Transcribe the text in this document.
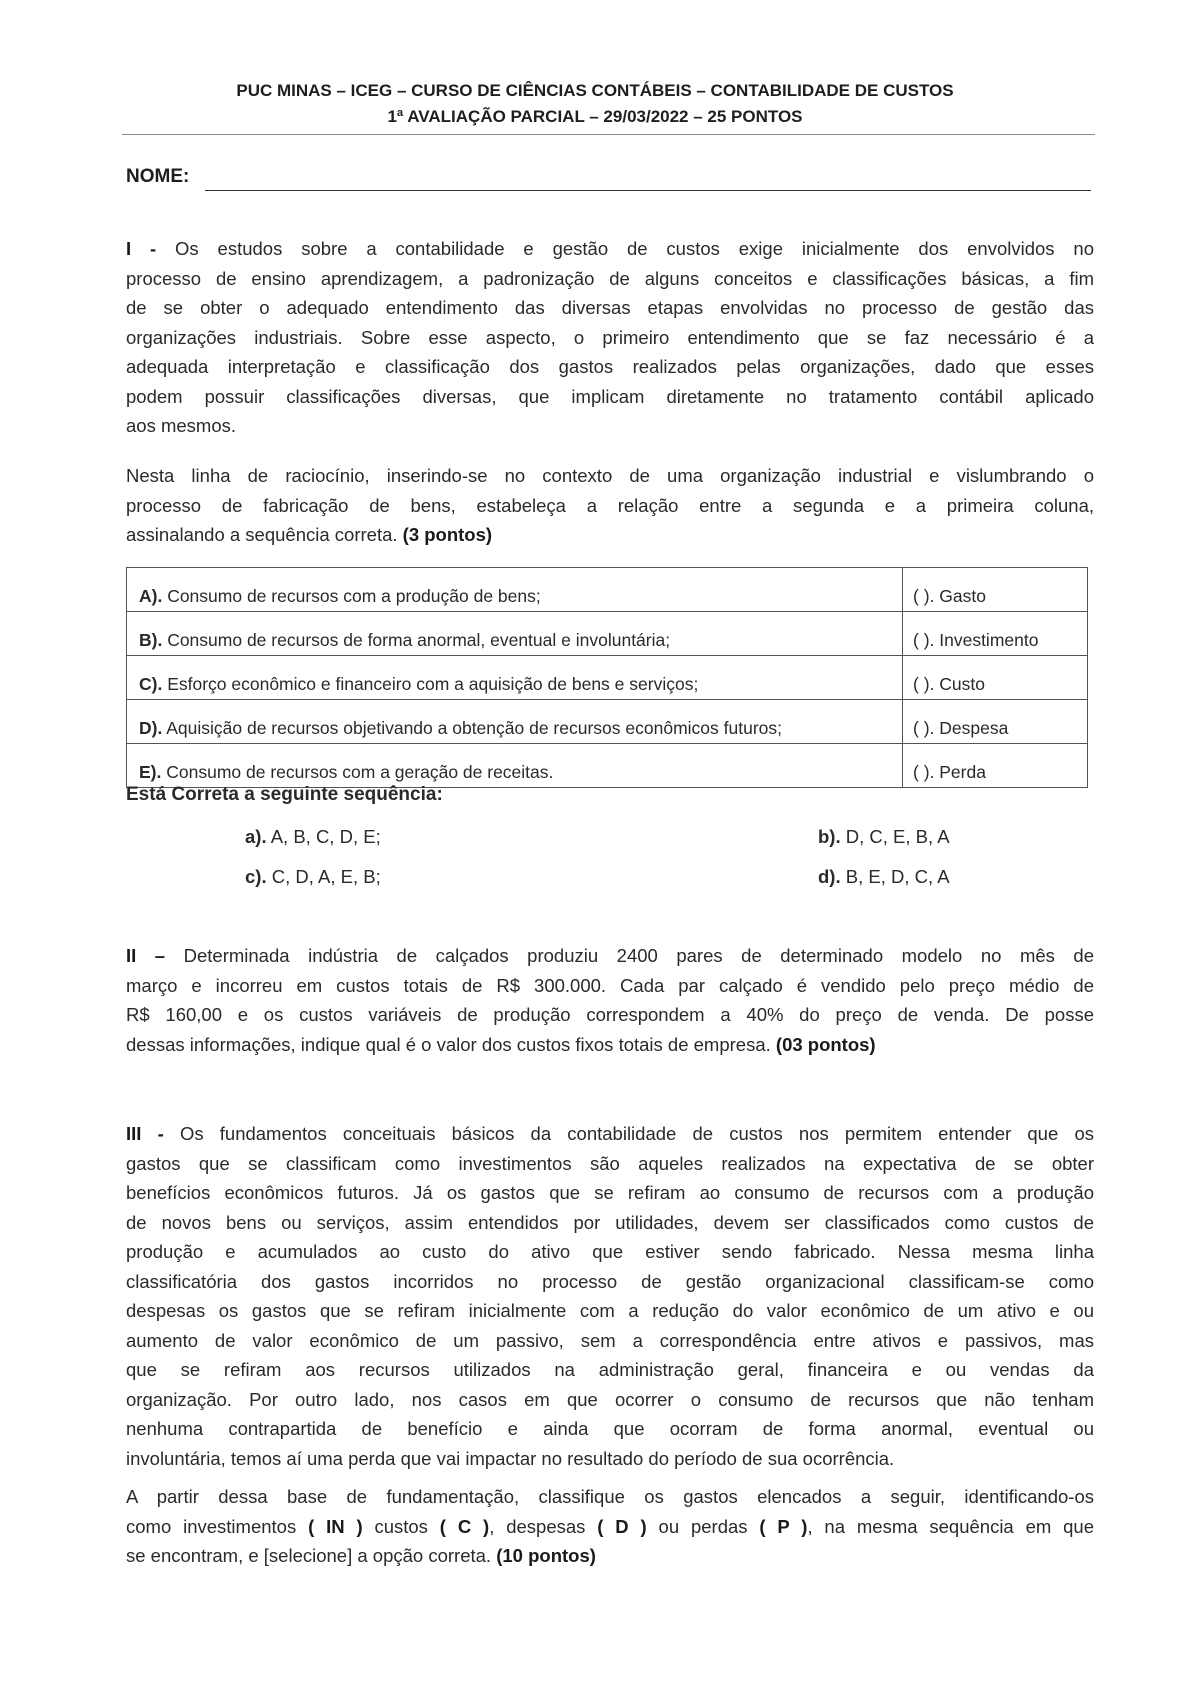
PUC MINAS – ICEG – CURSO DE CIÊNCIAS CONTÁBEIS – CONTABILIDADE DE CUSTOS
1ª AVALIAÇÃO PARCIAL – 29/03/2022 – 25 PONTOS
NOME:
I - Os estudos sobre a contabilidade e gestão de custos exige inicialmente dos envolvidos no
processo de ensino aprendizagem, a padronização de alguns conceitos e classificações básicas, a fim
de se obter o adequado entendimento das diversas etapas envolvidas no processo de gestão das
organizações industriais. Sobre esse aspecto, o primeiro entendimento que se faz necessário é a
adequada interpretação e classificação dos gastos realizados pelas organizações, dado que esses
podem possuir classificações diversas, que implicam diretamente no tratamento contábil aplicado
aos mesmos.
Nesta linha de raciocínio, inserindo-se no contexto de uma organização industrial e vislumbrando o
processo de fabricação de bens, estabeleça a relação entre a segunda e a primeira coluna,
assinalando a sequência correta. (3 pontos)
A). Consumo de recursos com a produção de bens;	( ). Gasto
B). Consumo de recursos de forma anormal, eventual e involuntária;	( ). Investimento
C). Esforço econômico e financeiro com a aquisição de bens e serviços;	( ). Custo
D). Aquisição de recursos objetivando a obtenção de recursos econômicos futuros;	( ). Despesa
E). Consumo de recursos com a geração de receitas.	( ). Perda
Está Correta a seguinte sequência:
a). A, B, C, D, E;	b). D, C, E, B, A
c). C, D, A, E, B;	d). B, E, D, C, A
II – Determinada indústria de calçados produziu 2400 pares de determinado modelo no mês de
março e incorreu em custos totais de R$ 300.000. Cada par calçado é vendido pelo preço médio de
R$ 160,00 e os custos variáveis de produção correspondem a 40% do preço de venda. De posse
dessas informações, indique qual é o valor dos custos fixos totais de empresa. (03 pontos)
III - Os fundamentos conceituais básicos da contabilidade de custos nos permitem entender que os
gastos que se classificam como investimentos são aqueles realizados na expectativa de se obter
benefícios econômicos futuros. Já os gastos que se refiram ao consumo de recursos com a produção
de novos bens ou serviços, assim entendidos por utilidades, devem ser classificados como custos de
produção e acumulados ao custo do ativo que estiver sendo fabricado. Nessa mesma linha
classificatória dos gastos incorridos no processo de gestão organizacional classificam-se como
despesas os gastos que se refiram inicialmente com a redução do valor econômico de um ativo e ou
aumento de valor econômico de um passivo, sem a correspondência entre ativos e passivos, mas
que se refiram aos recursos utilizados na administração geral, financeira e ou vendas da
organização. Por outro lado, nos casos em que ocorrer o consumo de recursos que não tenham
nenhuma contrapartida de benefício e ainda que ocorram de forma anormal, eventual ou
involuntária, temos aí uma perda que vai impactar no resultado do período de sua ocorrência.
A partir dessa base de fundamentação, classifique os gastos elencados a seguir, identificando-os
como investimentos ( IN ) custos ( C ), despesas ( D ) ou perdas ( P ), na mesma sequência em que
se encontram, e [selecione] a opção correta. (10 pontos)
